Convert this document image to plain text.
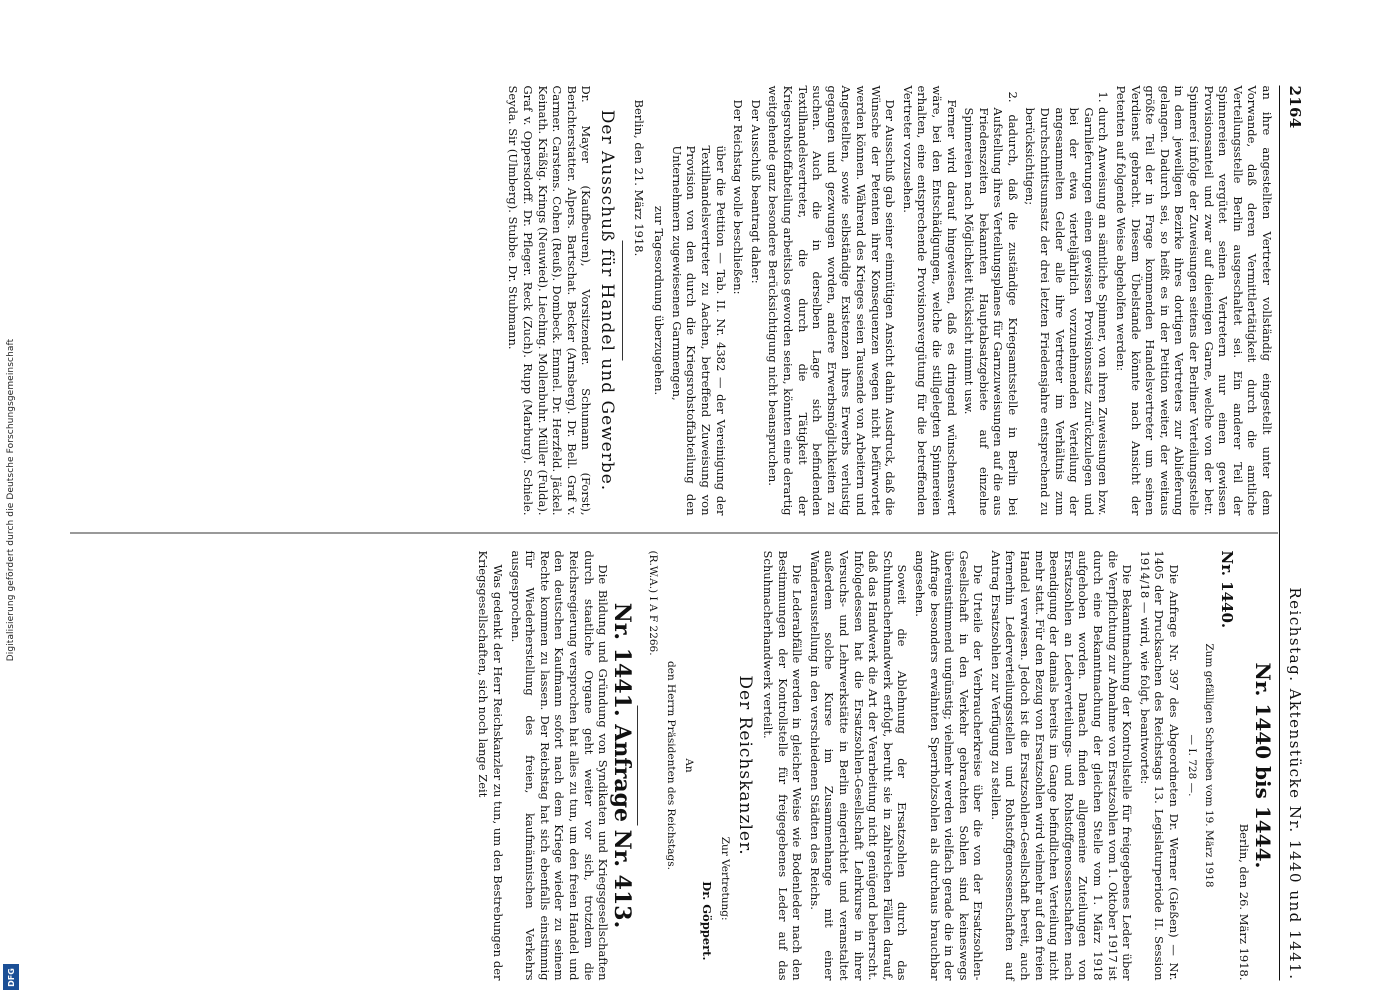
Digitalisierung gefördert durch die Deutsche Forschungsgemeinschaft
DFG
2164
Reichstag. Aktenstücke Nr. 1440 und 1441.

an ihre angestellten Vertreter vollständig eingestellt unter dem Vorwande, daß deren Vermittlertätigkeit durch die amtliche Verteilungsstelle Berlin ausgeschaltet sei. Ein anderer Teil der Spinnereien vergütet seinen Vertretern nur einen gewissen Provisionsanteil und zwar auf dieienigen Garne, welche von der betr. Spinnereí infolge der Zuweisungen seitens der Berliner Verteilungsstelle in dem jeweiligen Bezirke ihres dortigen Vertreters zur Ablieferung gelangen. Dadurch sei, so heißt es in der Petition weiter, der weitaus größte Teil der in Frage kommenden Handelsvertreter um seinen Verdienst gebracht. Diesem Übelstande könnte nach Ansicht der Petenten auf folgende Weise abgeholfen werden:

1. durch Anweisung an sämtliche Spinner, von ihren Zuweisungen bzw. Garnlieferungen einen gewissen Provisionssatz zurückzulegen und bei der etwa vierteljährlich vorzunehmenden Verteilung der angesammelten Gelder alle ihre Vertreter im Verhältnis zum Durchschnittsumsatz der drei letzten Friedensjahre entsprechend zu berücksichtigen;

2. dadurch, daß die zuständige Kriegsamtsstelle in Berlin bei Aufstellung ihres Verteilungsplanes für Garnzuweisungen auf die aus Friedenszeiten bekannten Hauptabsatzgebiete auf einzelne Spinnereien nach Möglichkeit Rücksicht nimmt usw.

Ferner wird darauf hingewiesen, daß es dringend wünschenswert wäre, bei den Entschädigungen, welche die stillgelegten Spinnereien erhalten, eine entsprechende Provisionsvergütung für die betreffenden Vertreter vorzusehen.

Der Ausschuß gab seiner einmütigen Ansicht dahin Ausdruck, daß die Wünsche der Petenten ihrer Konsequenzen wegen nicht befürwortet werden können. Während des Krieges seien Tausende von Arbeitern und Angestellten, sowie selbständige Existenzen ihres Erwerbs verlustig gegangen und gezwungen worden, andere Erwerbsmöglichkeiten zu suchen. Auch die in derselben Lage sich befindenden Textilhandelsvertreter, die durch die Tätigkeit der Kriegsrohstoffabteilung arbeitslos geworden seien, könnten eine derartig weitgehende ganz besondere Berücksichtigung nicht beanspruchen.

Der Ausschuß beantragt daher:

Der Reichstag wolle beschließen:

über die Petition — Tab. II. Nr. 4382 — der Vereinigung der Textilhandelsvertreter zu Aachen, betreffend Zuweisung von Provision von den durch die Kriegsrohstoffabteilung den Unternehmern zugewiesenen Garnmengen,

zur Tagesordnung überzugehen.

Berlin, den 21. März 1918.

Der Ausschuß für Handel und Gewerbe.

Dr. Mayer (Kaufbeuren), Vorsitzender. Schumann (Forst), Berichterstatter. Alpers. Bartschat. Becker (Arnsberg). Dr. Bell. Graf v. Carmer. Carstens. Cohen (Reuß). Dombeck. Emmel. Dr. Herzfeld. Jäckel. Keinath. Kräßig. Krings (Neuwied). Lieching. Mollenbuhr. Müller (Fulda). Graf v. Oppersdorff. Dr. Pfleger. Reck (Zuch). Rupp (Marburg). Schiele. Seyda. Sir (Ulmberg). Stubbe. Dr. Stubmann.

Nr. 1440 bis 1444.

Berlin, den 26. März 1918.

Nr. 1440.

Zum gefälligen Schreiben vom 19. März 1918

— I. 728 —.

Die Anfrage Nr. 397 des Abgeordneten Dr. Werner (Gießen) — Nr. 1405 der Drucksachen des Reichstags 13. Legislaturperiode II. Session 1914/18 — wird, wie folgt, beantwortet:

Die Bekanntmachung der Kontrollstelle für freigegebenes Leder über die Verpflichtung zur Abnahme von Ersatzsohlen vom 1. Oktober 1917 ist durch eine Bekanntmachung der gleichen Stelle vom 1. März 1918 aufgehoben worden. Danach finden allgemeine Zuteilungen von Ersatzsohlen an Lederverteilungs- und Rohstoffgenossenschaften nach Beendigung der damals bereits im Gange befindlichen Verteilung nicht mehr statt. Für den Bezug von Ersatzsohlen wird vielmehr auf den freien Handel verwiesen. Jedoch ist die Ersatzsohlen-Gesellschaft bereit, auch fernerhin Lederverteilungsstellen und Rohstoffgenossenschaften auf Antrag Ersatzsohlen zur Verfügung zu stellen.

Die Urteile der Verbraucherkreise über die von der Ersatzsohlen-Gesellschaft in den Verkehr gebrachten Sohlen sind keineswegs übereinstimmend ungünstig; vielmehr werden vielfach gerade die in der Anfrage besonders erwähnten Sperrholzsohlen als durchaus brauchbar angesehen.

Soweit die Ablehnung der Ersatzsohlen durch das Schuhmacherhandwerk erfolgt, beruht sie in zahlreichen Fällen darauf, daß das Handwerk die Art der Verarbeitung nicht genügend beherrscht. Infolgedessen hat die Ersatzsohlen-Gesellschaft Lehrkurse in ihrer Versuchs- und Lehrwerkstätte in Berlin eingerichtet und veranstaltet außerdem solche Kurse im Zusammenhange mit einer Wanderausstellung in den verschiedenen Städten des Reichs.

Die Lederabfälle werden in gleicher Weise wie Bodenleder nach den Bestimmungen der Kontrollstelle für freigegebenes Leder auf das Schuhmacherhandwerk verteilt.

Der Reichskanzler.

Zur Vertretung:

Dr. Göppert.

An

den Herrn Präsidenten des Reichstags.

(R.W.A.) I A F 2266.

Nr. 1441. Anfrage Nr. 413.

Die Bildung und Gründung von Syndikaten und Kriegsgesellschaften durch staatliche Organe geht weiter vor sich, trotzdem die Reichsregierung versprochen hat alles zu tun, um den freien Handel und den deutschen Kaufmann sofort nach dem Kriege wieder zu seinem Rechte kommen zu lassen. Der Reichstag hat sich ebenfalls einstimmig für Wiederherstellung des freien, kaufmännischen Verkehrs ausgesprochen.

Was gedenkt der Herr Reichskanzler zu tun, um den Bestrebungen der Kriegsgesellschaften, sich noch lange Zeit
